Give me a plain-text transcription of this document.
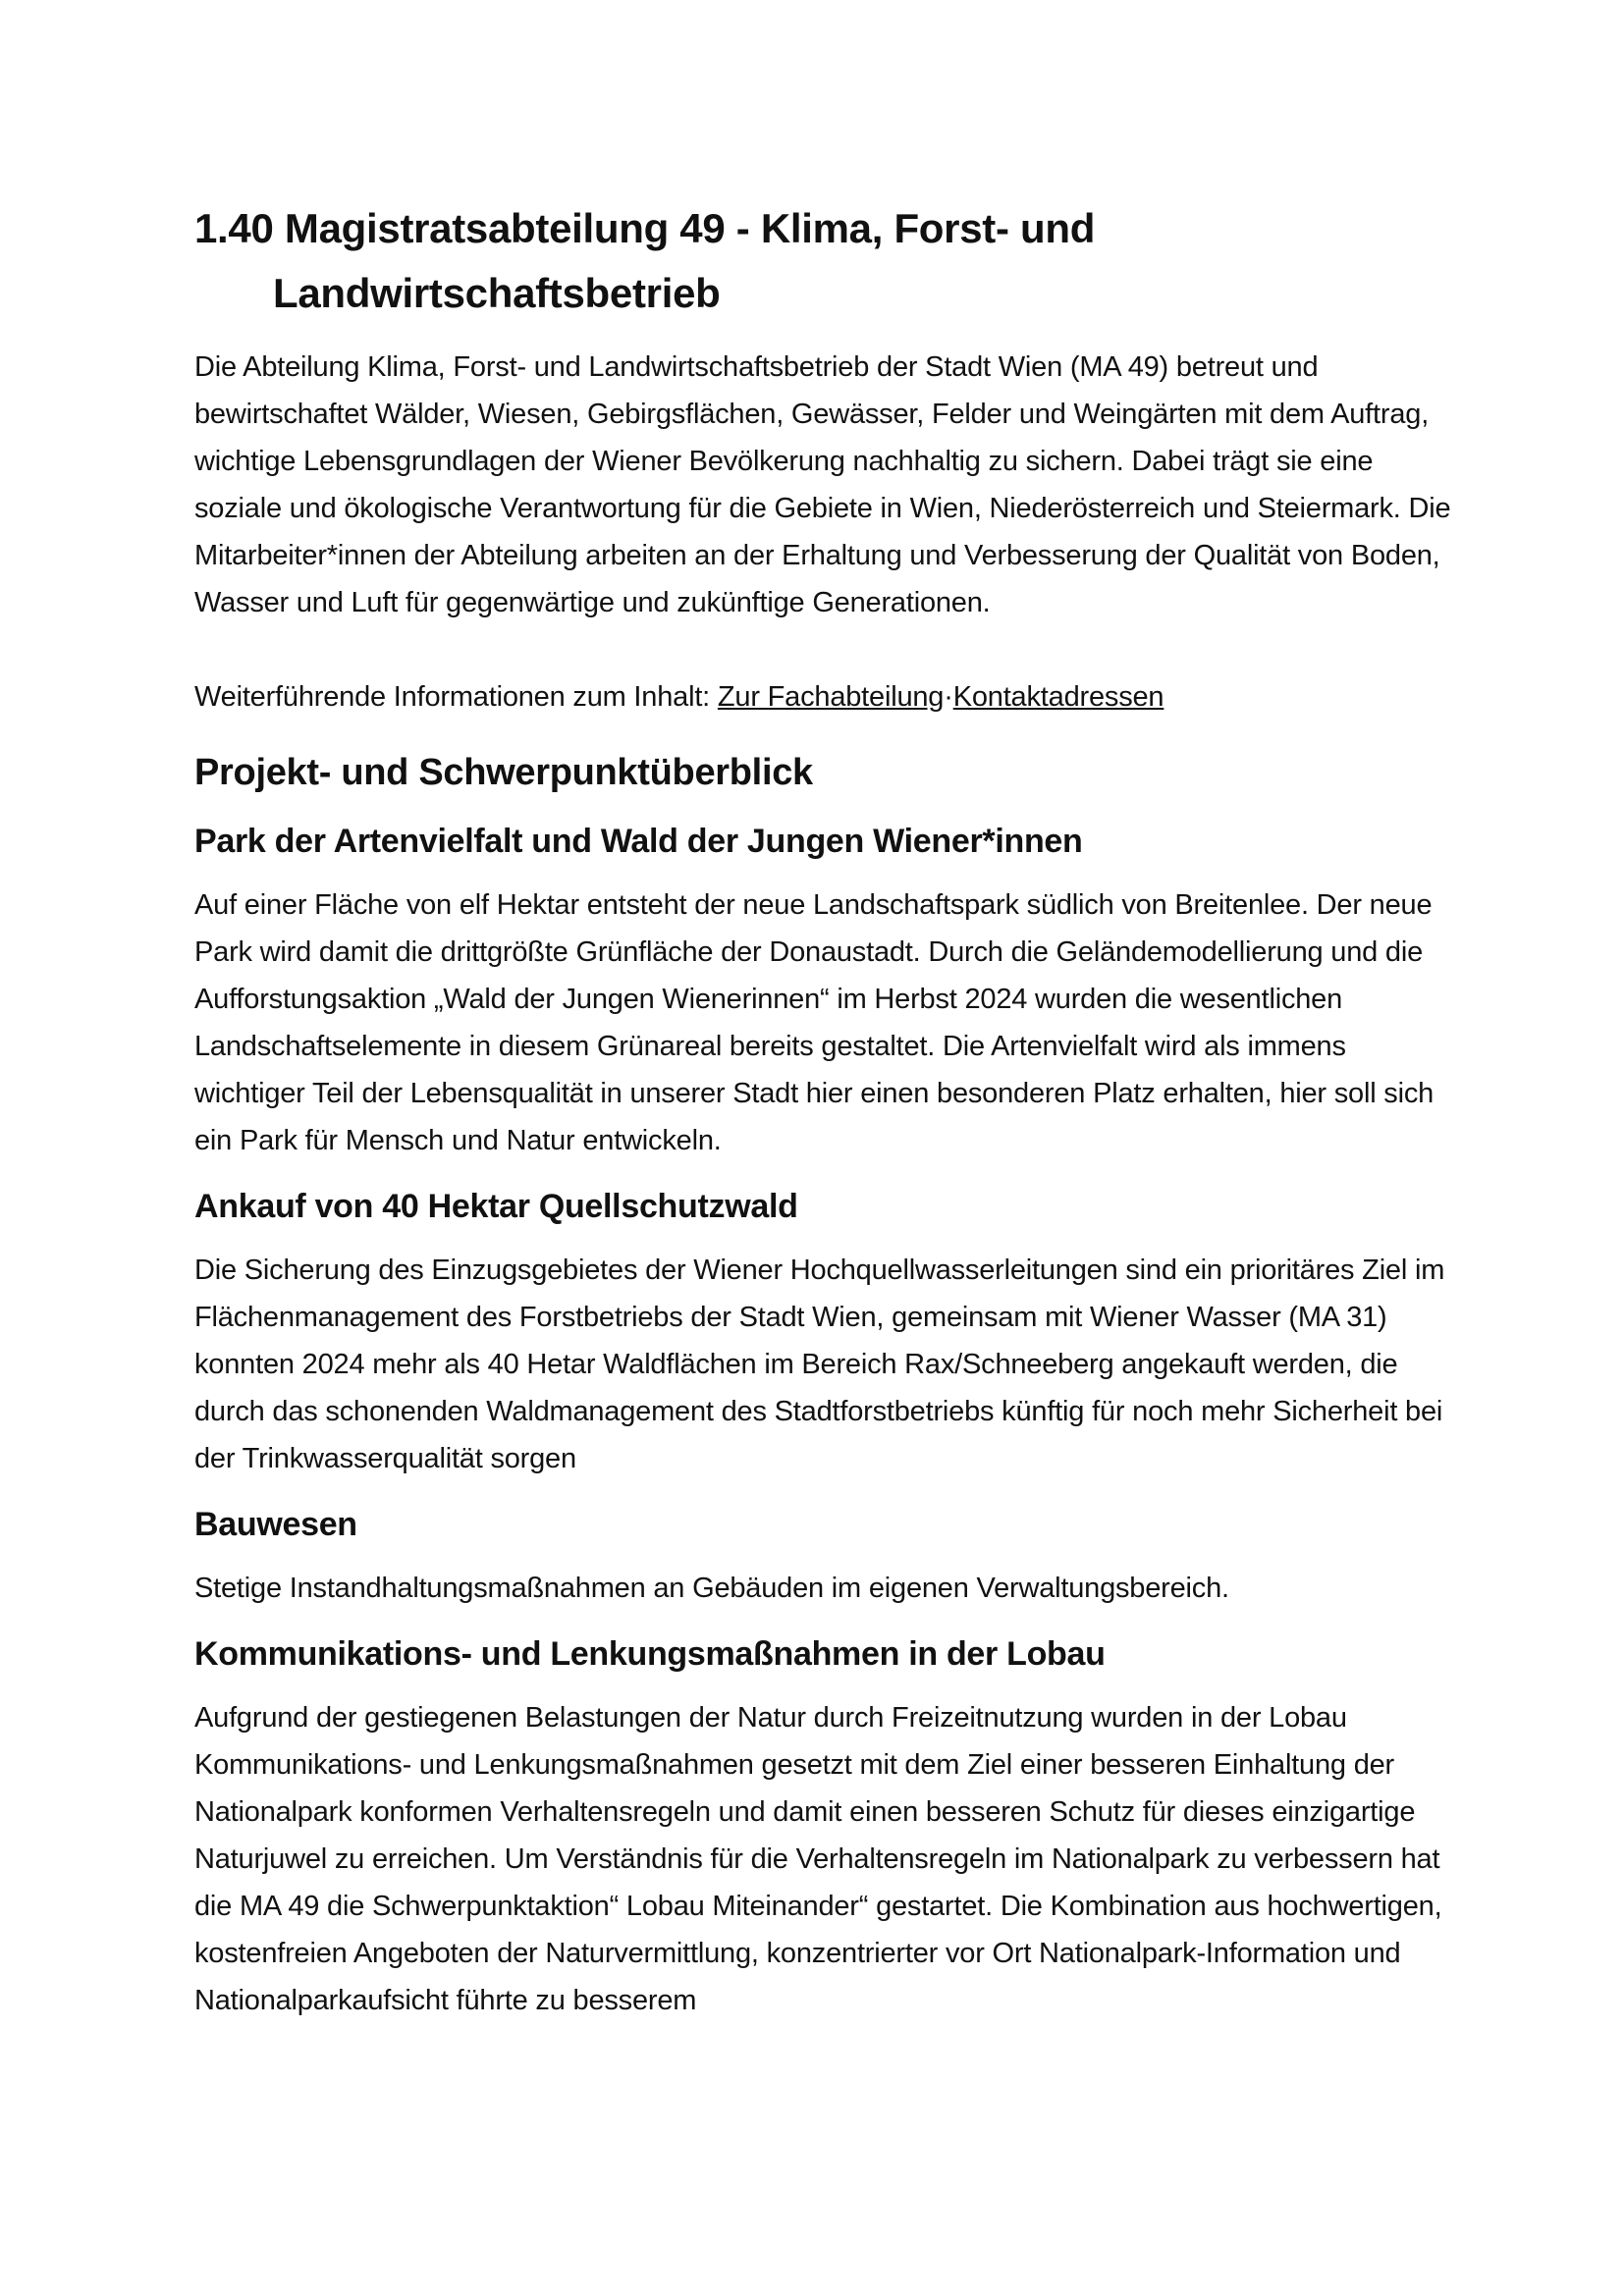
1.40 Magistratsabteilung 49 - Klima, Forst- und Landwirtschaftsbetrieb

Die Abteilung Klima, Forst- und Landwirtschaftsbetrieb der Stadt Wien (MA 49) betreut und bewirtschaftet Wälder, Wiesen, Gebirgsflächen, Gewässer, Felder und Weingärten mit dem Auftrag, wichtige Lebensgrundlagen der Wiener Bevölkerung nachhaltig zu sichern. Dabei trägt sie eine soziale und ökologische Verantwortung für die Gebiete in Wien, Niederösterreich und Steiermark. Die Mitarbeiter*innen der Abteilung arbeiten an der Erhaltung und Verbesserung der Qualität von Boden, Wasser und Luft für gegenwärtige und zukünftige Generationen.

Weiterführende Informationen zum Inhalt: Zur Fachabteilung·Kontaktadressen

Projekt- und Schwerpunktüberblick
Park der Artenvielfalt und Wald der Jungen Wiener*innen

Auf einer Fläche von elf Hektar entsteht der neue Landschaftspark südlich von Breitenlee. Der neue Park wird damit die drittgrößte Grünfläche der Donaustadt. Durch die Geländemodellierung und die Aufforstungsaktion „Wald der Jungen Wienerinnen“ im Herbst 2024 wurden die wesentlichen Landschaftselemente in diesem Grünareal bereits gestaltet. Die Artenvielfalt wird als immens wichtiger Teil der Lebensqualität in unserer Stadt hier einen besonderen Platz erhalten, hier soll sich ein Park für Mensch und Natur entwickeln.

Ankauf von 40 Hektar Quellschutzwald

Die Sicherung des Einzugsgebietes der Wiener Hochquellwasserleitungen sind ein prioritäres Ziel im Flächenmanagement des Forstbetriebs der Stadt Wien, gemeinsam mit Wiener Wasser (MA 31) konnten 2024 mehr als 40 Hetar Waldflächen im Bereich Rax/Schneeberg angekauft werden, die durch das schonenden Waldmanagement des Stadtforstbetriebs künftig für noch mehr Sicherheit bei der Trinkwasserqualität sorgen

Bauwesen

Stetige Instandhaltungsmaßnahmen an Gebäuden im eigenen Verwaltungsbereich.

Kommunikations- und Lenkungsmaßnahmen in der Lobau

Aufgrund der gestiegenen Belastungen der Natur durch Freizeitnutzung wurden in der Lobau Kommunikations- und Lenkungsmaßnahmen gesetzt mit dem Ziel einer besseren Einhaltung der Nationalpark konformen Verhaltensregeln und damit einen besseren Schutz für dieses einzigartige Naturjuwel zu erreichen. Um Verständnis für die Verhaltensregeln im Nationalpark zu verbessern hat die MA 49 die Schwerpunktaktion“ Lobau Miteinander“ gestartet. Die Kombination aus hochwertigen, kostenfreien Angeboten der Naturvermittlung, konzentrierter vor Ort Nationalpark-Information und Nationalparkaufsicht führte zu besserem
